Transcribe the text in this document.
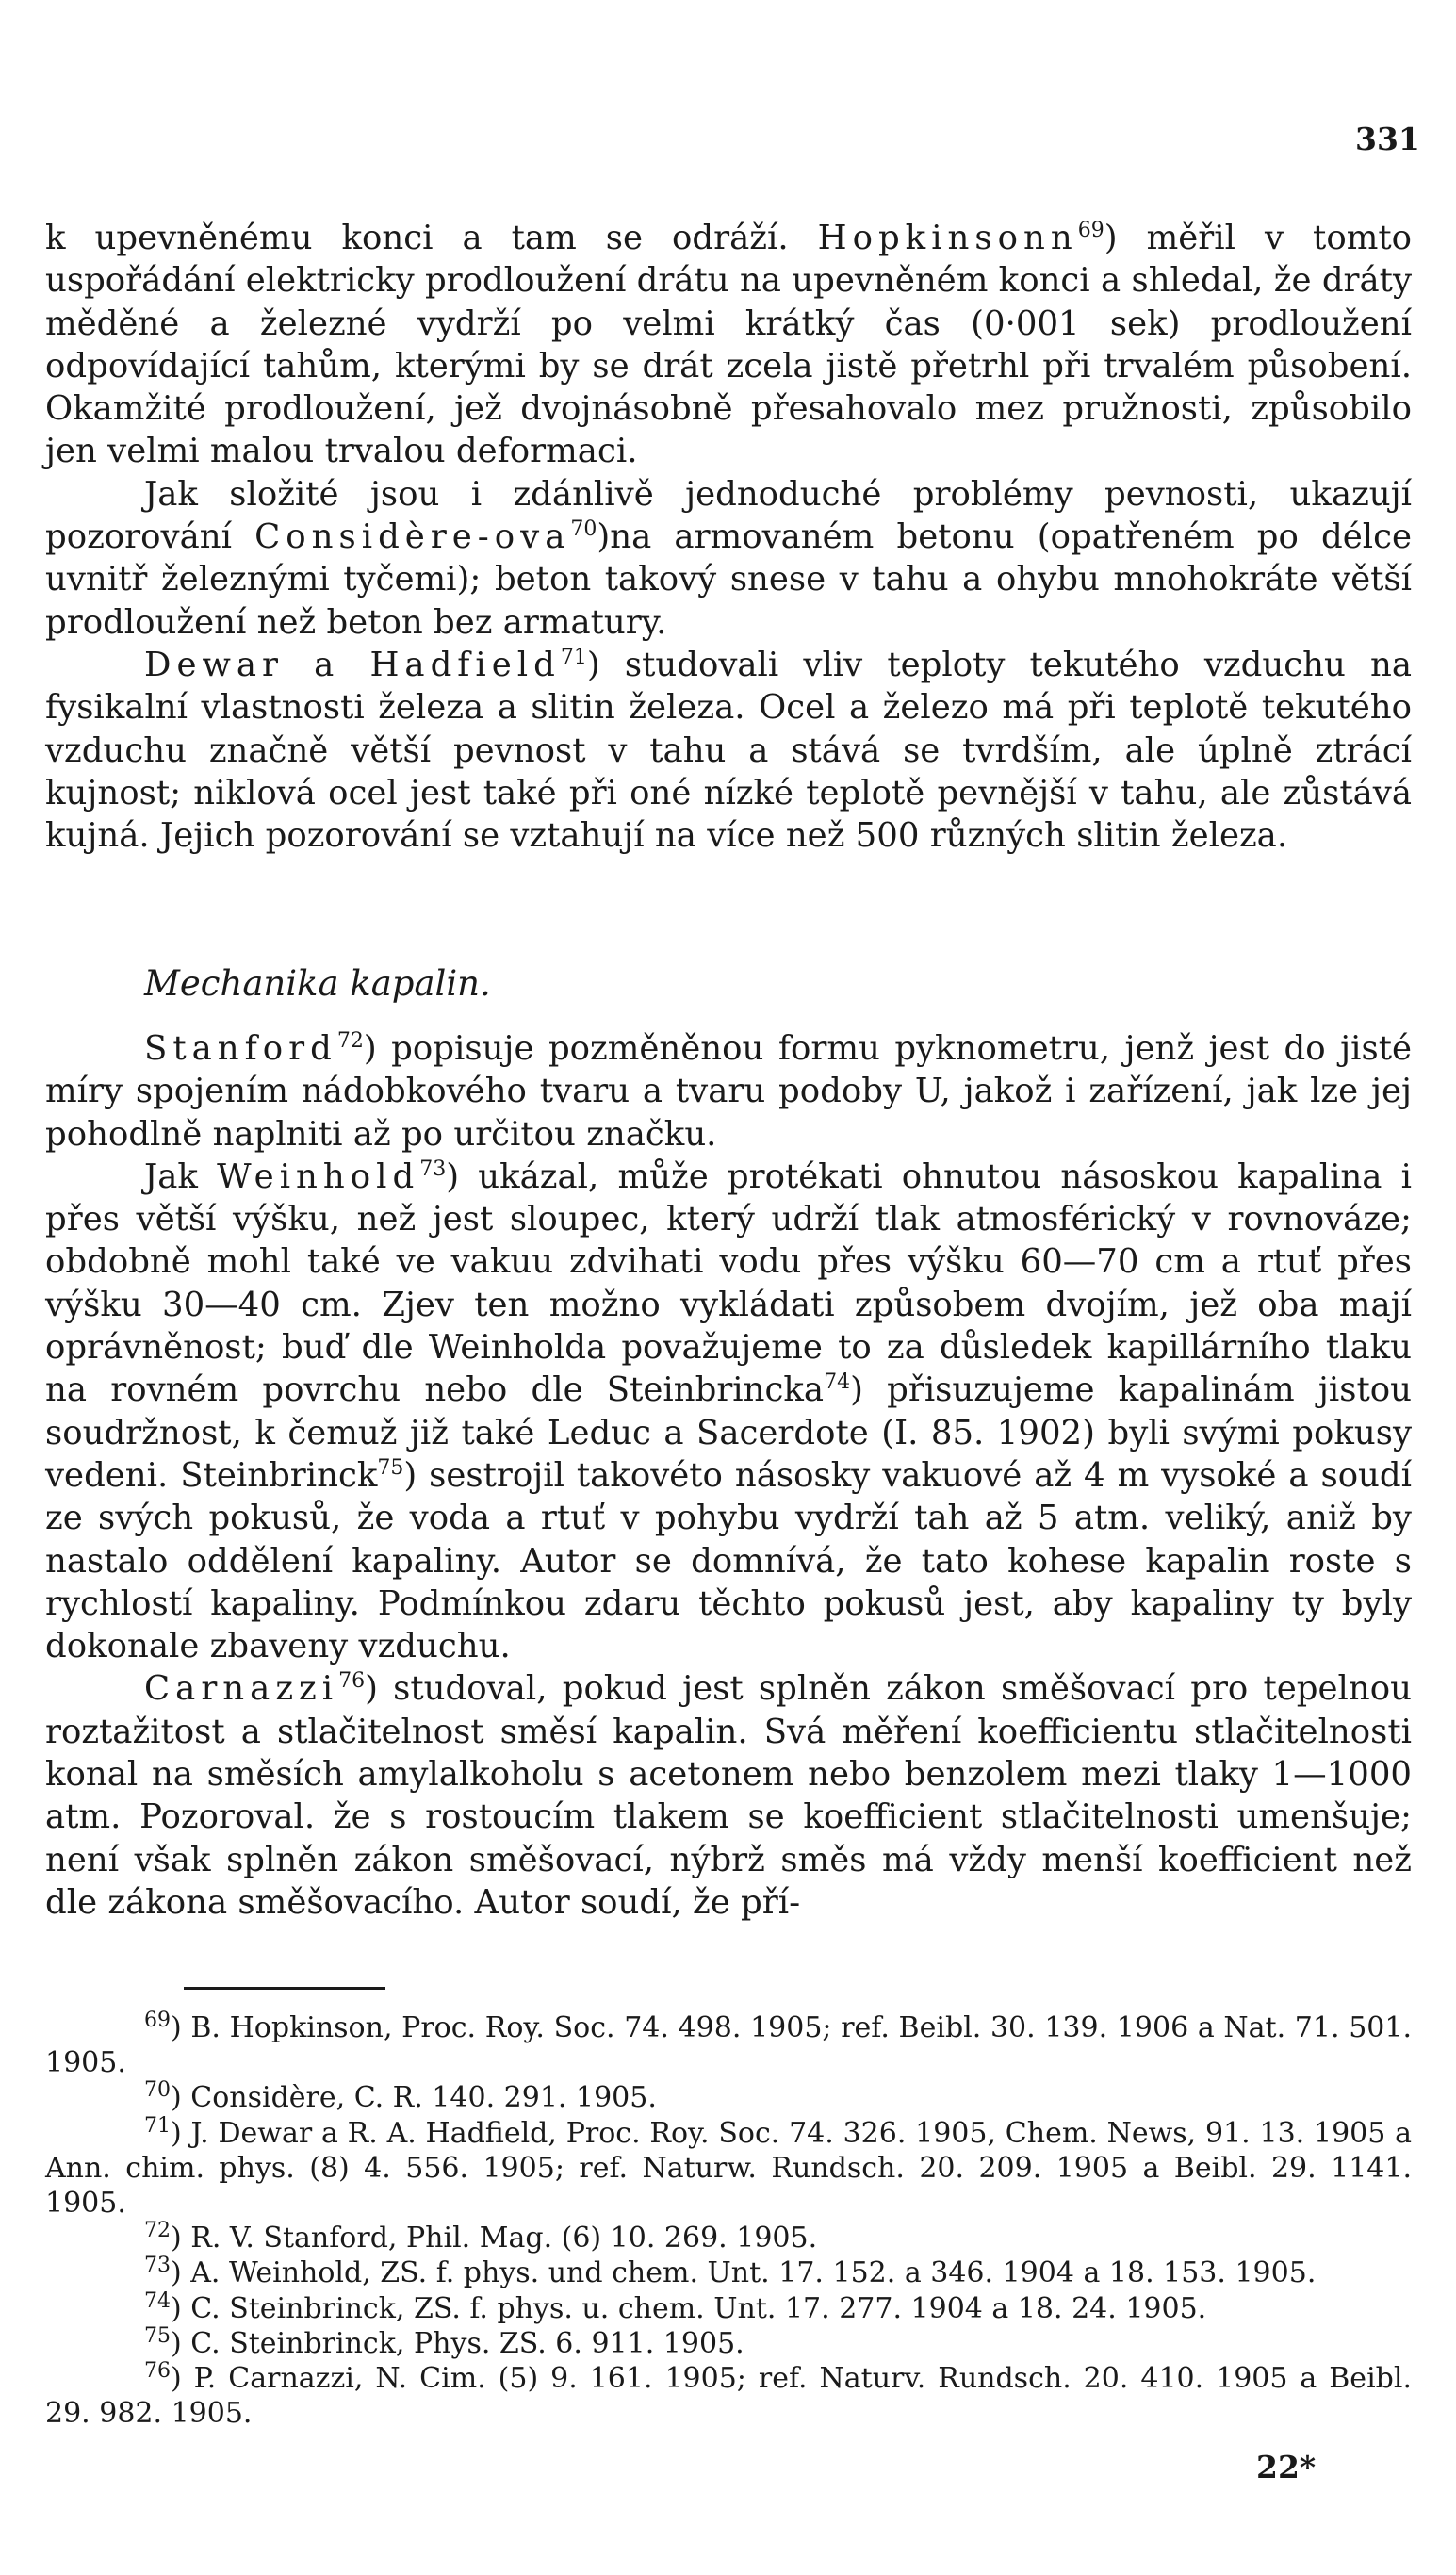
331

k upevněnému konci a tam se odráží. Hopkinsonn$^{69}$) měřil v tomto uspořádání elektricky prodloužení drátu na upevněném konci a shledal, že dráty měděné a železné vydrží po velmi krátký čas (0·001 sek) prodloužení odpovídající tahům, kterými by se drát zcela jistě přetrhl při trvalém působení. Okamžité prodloužení, jež dvojnásobně přesahovalo mez pružnosti, způsobilo jen velmi malou trvalou deformaci.

Jak složité jsou i zdánlivě jednoduché problémy pevnosti, ukazují pozorování Considère-ova$^{70}$)na armovaném betonu (opatřeném po délce uvnitř železnými tyčemi); beton takový snese v tahu a ohybu mnohokráte větší prodloužení než beton bez armatury.

Dewar a Hadfield$^{71}$) studovali vliv teploty tekutého vzduchu na fysikalní vlastnosti železa a slitin železa. Ocel a železo má při teplotě tekutého vzduchu značně větší pevnost v tahu a stává se tvrdším, ale úplně ztrácí kujnost; niklová ocel jest také při oné nízké teplotě pevnější v tahu, ale zůstává kujná. Jejich pozorování se vztahují na více než 500 různých slitin železa.

Mechanika kapalin.

Stanford$^{72}$) popisuje pozměněnou formu pyknometru, jenž jest do jisté míry spojením nádobkového tvaru a tvaru podoby U, jakož i zařízení, jak lze jej pohodlně naplniti až po určitou značku.

Jak Weinhold$^{73}$) ukázal, může protékati ohnutou násoskou kapalina i přes větší výšku, než jest sloupec, který udrží tlak atmosférický v rovnováze; obdobně mohl také ve vakuu zdvihati vodu přes výšku 60—70 cm a rtuť přes výšku 30—40 cm. Zjev ten možno vykládati způsobem dvojím, jež oba mají oprávněnost; buď dle Weinholda považujeme to za důsledek kapillárního tlaku na rovném povrchu nebo dle Steinbrincka$^{74}$) přisuzujeme kapalinám jistou soudržnost, k čemuž již také Leduc a Sacerdote (I. 85. 1902) byli svými pokusy vedeni. Steinbrinck$^{75}$) sestrojil takovéto násosky vakuové až 4 m vysoké a soudí ze svých pokusů, že voda a rtuť v pohybu vydrží tah až 5 atm. veliký, aniž by nastalo oddělení kapaliny. Autor se domnívá, že tato kohese kapalin roste s rychlostí kapaliny. Podmínkou zdaru těchto pokusů jest, aby kapaliny ty byly dokonale zbaveny vzduchu.

Carnazzi$^{76}$) studoval, pokud jest splněn zákon směšovací pro tepelnou roztažitost a stlačitelnost směsí kapalin. Svá měření koefficientu stlačitelnosti konal na směsích amylalkoholu s acetonem nebo benzolem mezi tlaky 1—1000 atm. Pozoroval. že s rostoucím tlakem se koefficient stlačitelnosti umenšuje; není však splněn zákon směšovací, nýbrž směs má vždy menší koefficient než dle zákona směšovacího. Autor soudí, že pří-

$^{69}$) B. Hopkinson, Proc. Roy. Soc. 74. 498. 1905; ref. Beibl. 30. 139. 1906 a Nat. 71. 501. 1905.

$^{70}$) Considère, C. R. 140. 291. 1905.

$^{71}$) J. Dewar a R. A. Hadfield, Proc. Roy. Soc. 74. 326. 1905, Chem. News, 91. 13. 1905 a Ann. chim. phys. (8) 4. 556. 1905; ref. Naturw. Rundsch. 20. 209. 1905 a Beibl. 29. 1141. 1905.

$^{72}$) R. V. Stanford, Phil. Mag. (6) 10. 269. 1905.

$^{73}$) A. Weinhold, ZS. f. phys. und chem. Unt. 17. 152. a 346. 1904 a 18. 153. 1905.

$^{74}$) C. Steinbrinck, ZS. f. phys. u. chem. Unt. 17. 277. 1904 a 18. 24. 1905.

$^{75}$) C. Steinbrinck, Phys. ZS. 6. 911. 1905.

$^{76}$) P. Carnazzi, N. Cim. (5) 9. 161. 1905; ref. Naturv. Rundsch. 20. 410. 1905 a Beibl. 29. 982. 1905.

22*
